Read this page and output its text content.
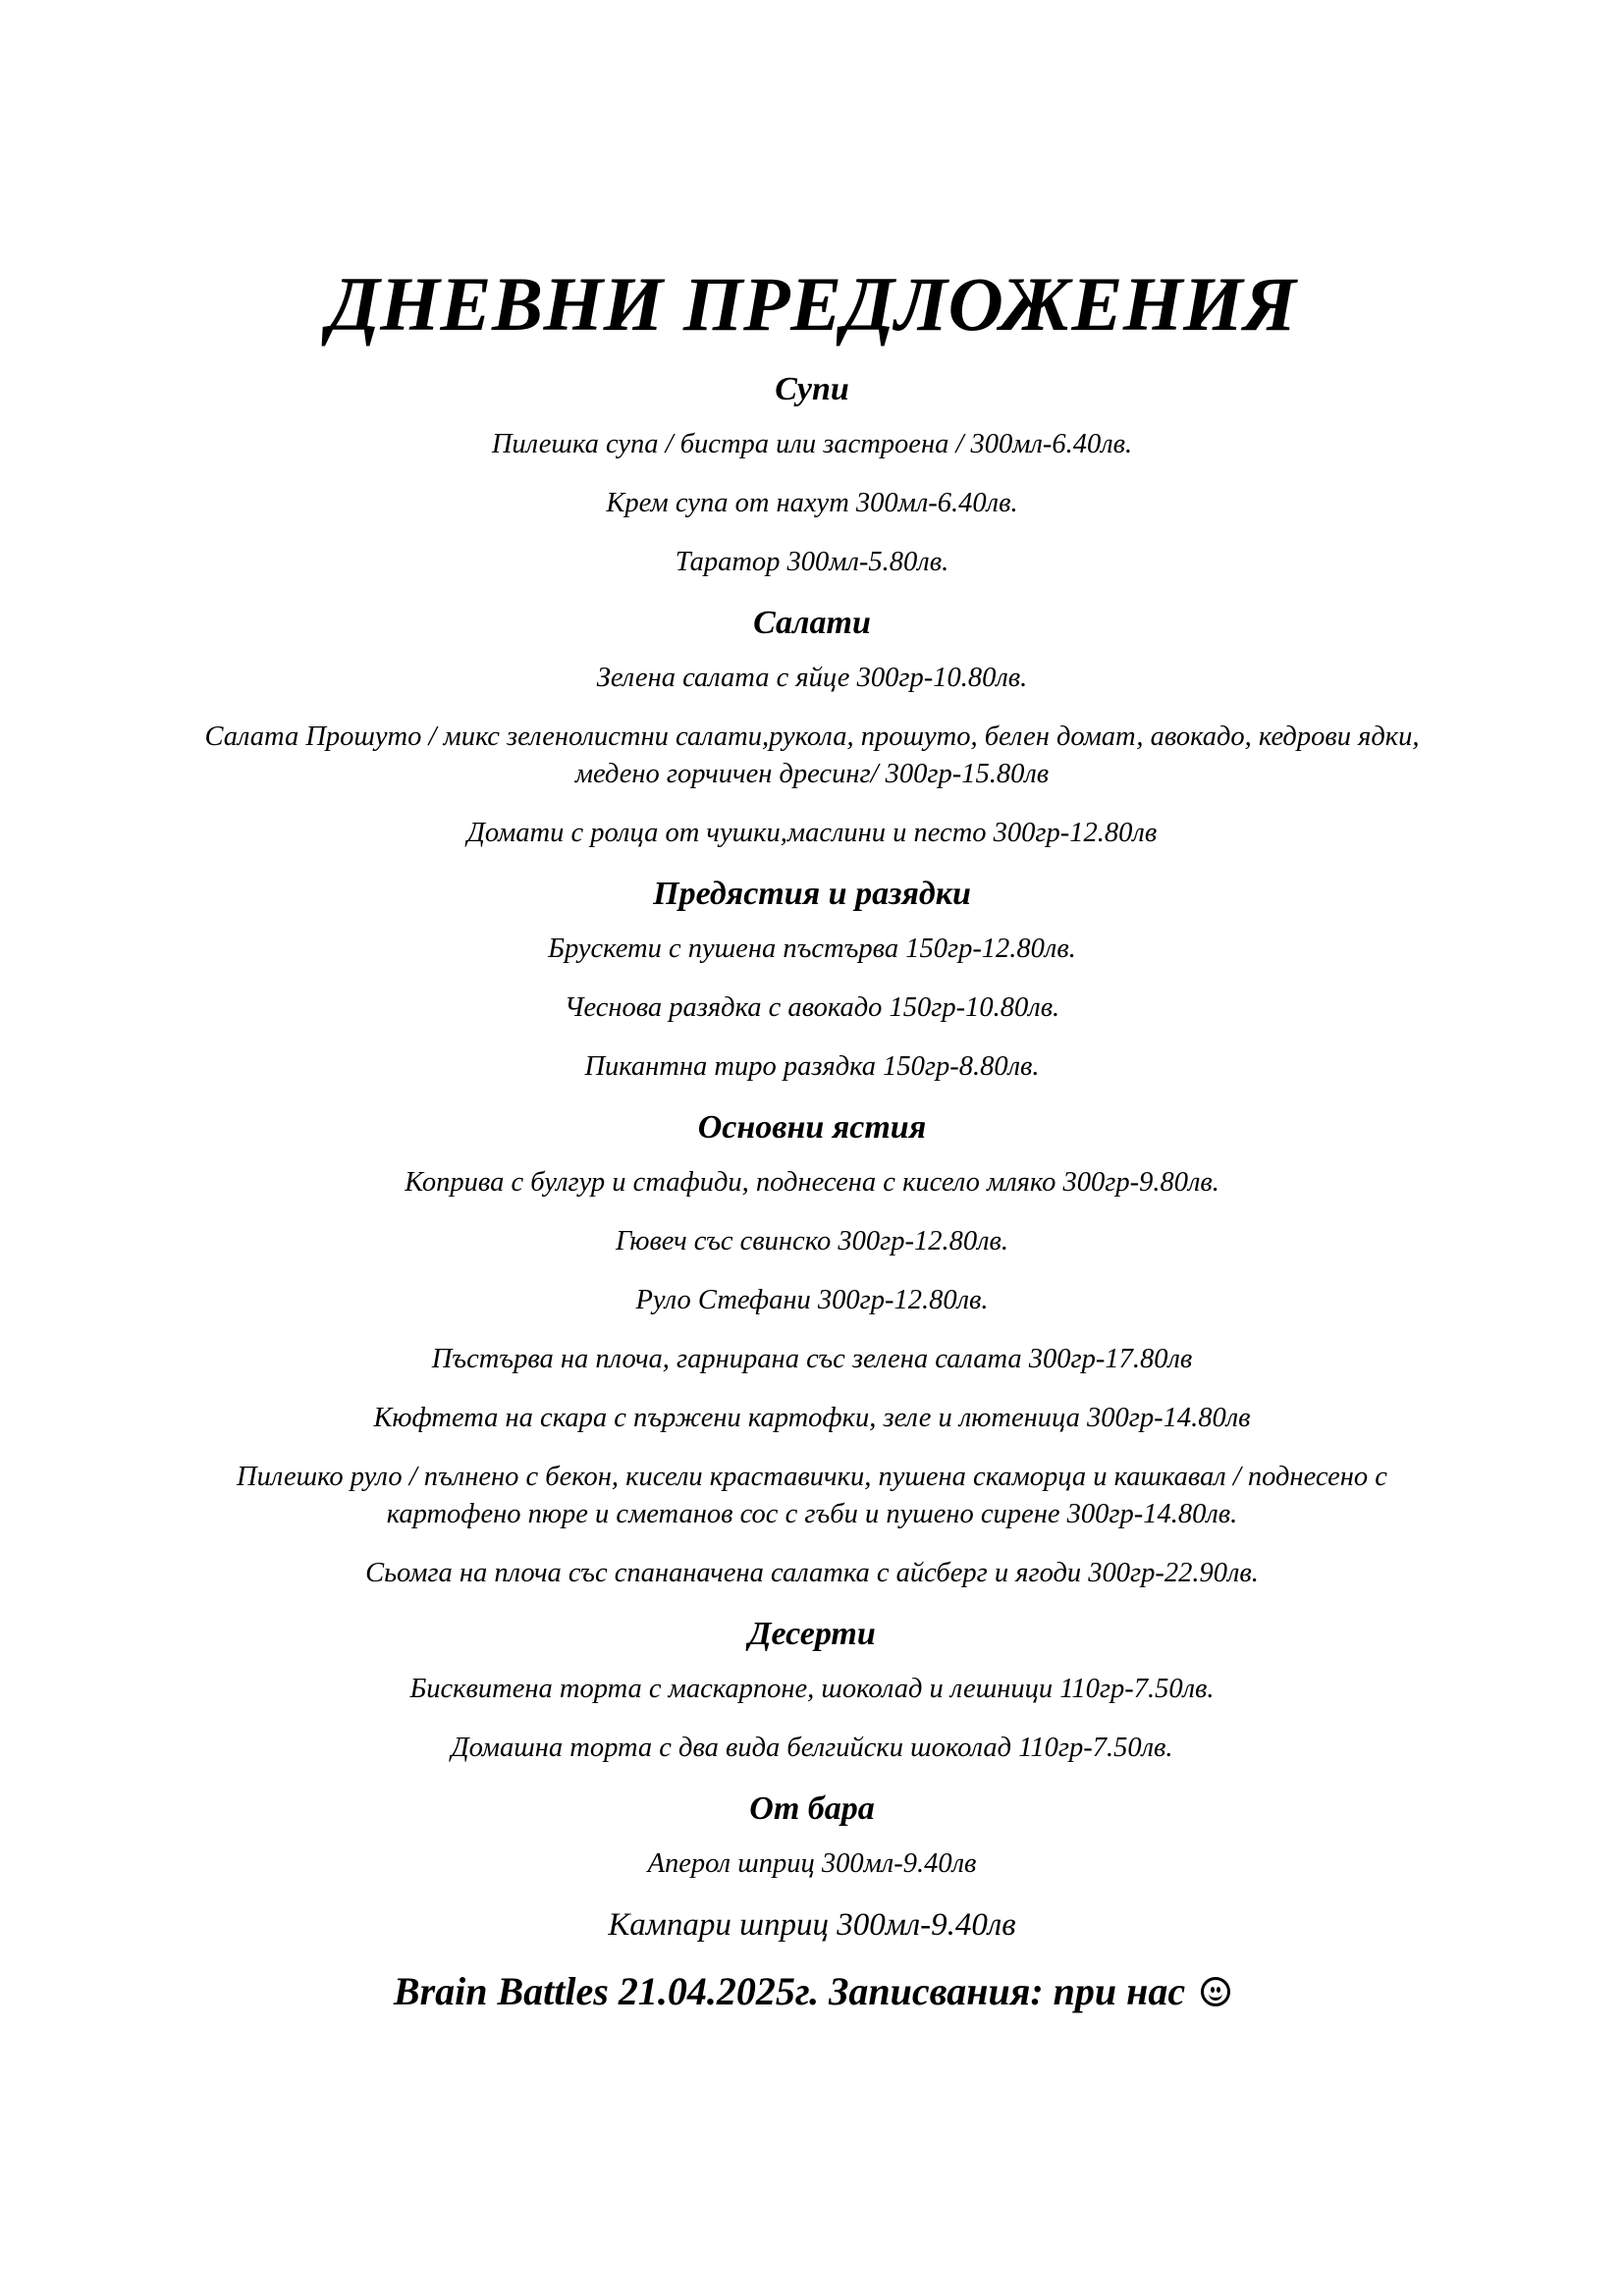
ДНЕВНИ ПРЕДЛОЖЕНИЯ
Супи

Пилешка супа / бистра или застроена / 300мл-6.40лв.

Крем супа от нахут 300мл-6.40лв.

Таратор 300мл-5.80лв.

Салати

Зелена салата с яйце 300гр-10.80лв.

Салата Прошуто / микс зеленолистни салати,рукола, прошуто, белен домат, авокадо, кедрови ядки, медено горчичен дресинг/ 300гр-15.80лв

Домати с ролца от чушки,маслини и песто 300гр-12.80лв

Предястия и разядки

Брускети с пушена пъстърва 150гр-12.80лв.

Чеснова разядка с авокадо 150гр-10.80лв.

Пикантна тиро разядка 150гр-8.80лв.

Основни ястия

Коприва с булгур и стафиди, поднесена с кисело мляко 300гр-9.80лв.

Гювеч със свинско 300гр-12.80лв.

Руло Стефани 300гр-12.80лв.

Пъстърва на плоча, гарнирана със зелена салата 300гр-17.80лв

Кюфтета на скара с пържени картофки, зеле и лютеница 300гр-14.80лв

Пилешко руло / пълнено с бекон, кисели краставички, пушена скаморца и кашкавал / поднесено с картофено пюре и сметанов сос с гъби и пушено сирене 300гр-14.80лв.

Сьомга на плоча със спананачена салатка с айсберг и ягоди 300гр-22.90лв.

Десерти

Бисквитена торта с маскарпоне, шоколад и лешници 110гр-7.50лв.

Домашна торта с два вида белгийски шоколад 110гр-7.50лв.

От бара

Аперол шприц 300мл-9.40лв

Кампари шприц 300мл-9.40лв

Brain Battles 21.04.2025г. Записвания: при нас
